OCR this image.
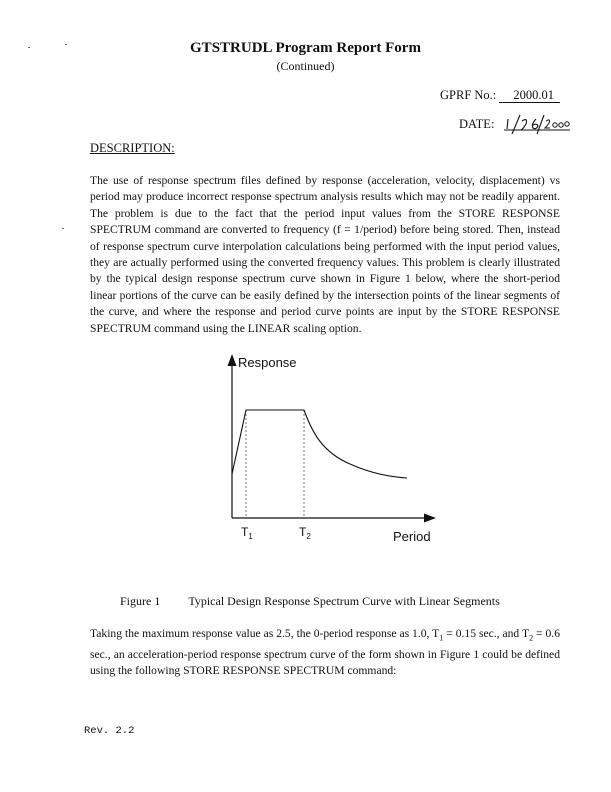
GTSTRUDL Program Report Form
(Continued)
GPRF No.: 2000.01
DATE:
DESCRIPTION:
The use of response spectrum files defined by response (acceleration, velocity, displacement) vs period may produce incorrect response spectrum analysis results which may not be readily apparent. The problem is due to the fact that the period input values from the STORE RESPONSE SPECTRUM command are converted to frequency (f = 1/period) before being stored. Then, instead of response spectrum curve interpolation calculations being performed with the input period values, they are actually performed using the converted frequency values. This problem is clearly illustrated by the typical design response spectrum curve shown in Figure 1 below, where the short-period linear portions of the curve can be easily defined by the intersection points of the linear segments of the curve, and where the response and period curve points are input by the STORE RESPONSE SPECTRUM command using the LINEAR scaling option.
Response
$T_1$	$T_2$	Period
Figure 1 Typical Design Response Spectrum Curve with Linear Segments
Taking the maximum response value as 2.5, the 0-period response as 1.0, $T_1 = 0.15$ sec., and $T_2 = 0.6$ sec., an acceleration-period response spectrum curve of the form shown in Figure 1 could be defined using the following STORE RESPONSE SPECTRUM command:
Rev. 2.2
